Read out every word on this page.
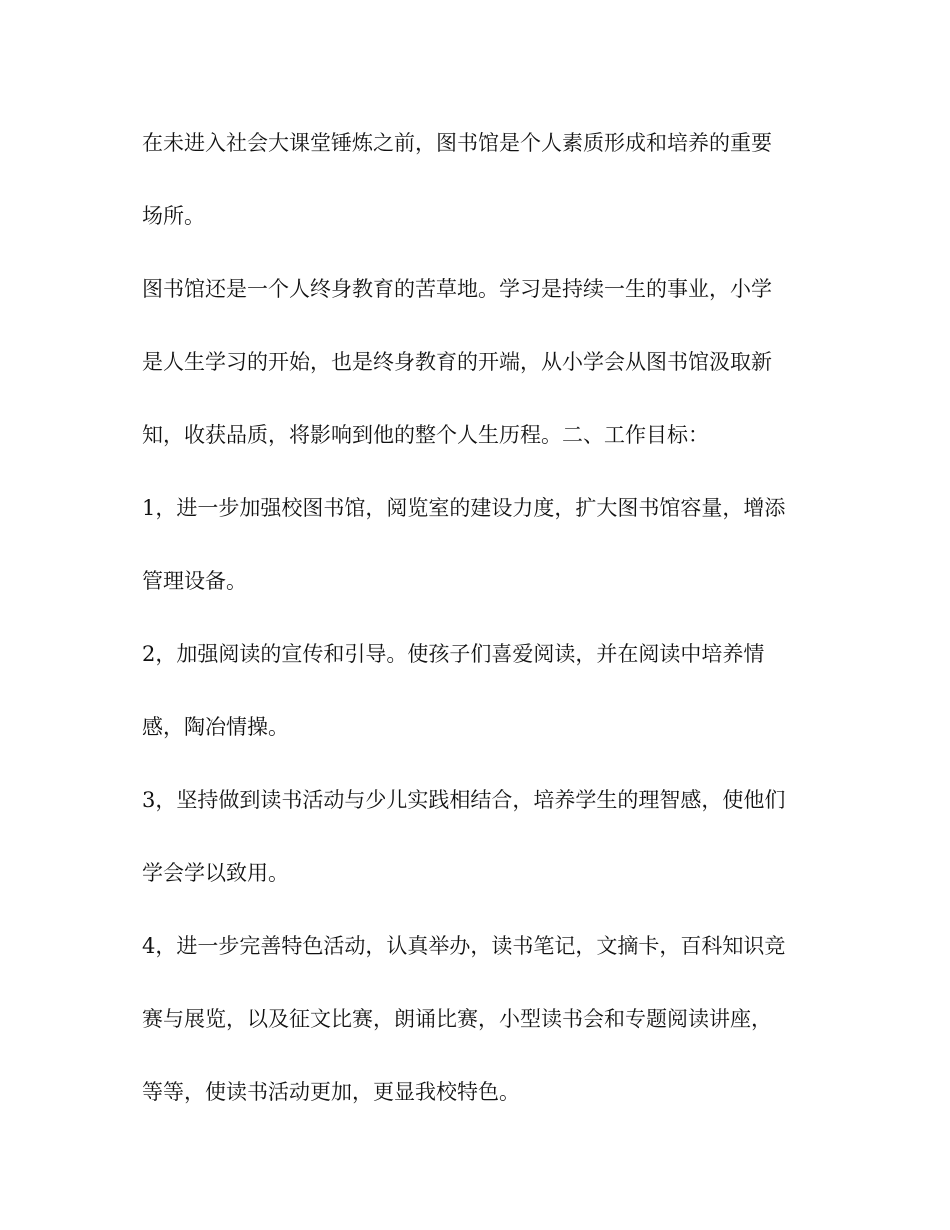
在未进入社会大课堂锤炼之前，图书馆是个人素质形成和培养的重要
场所。
图书馆还是一个人终身教育的苦草地。学习是持续一生的事业，小学
是人生学习的开始，也是终身教育的开端，从小学会从图书馆汲取新
知，收获品质，将影响到他的整个人生历程。二、工作目标：
1，进一步加强校图书馆，阅览室的建设力度，扩大图书馆容量，增添
管理设备。
2，加强阅读的宣传和引导。使孩子们喜爱阅读，并在阅读中培养情
感，陶冶情操。
3，坚持做到读书活动与少儿实践相结合，培养学生的理智感，使他们
学会学以致用。
4，进一步完善特色活动，认真举办，读书笔记，文摘卡，百科知识竞
赛与展览，以及征文比赛，朗诵比赛，小型读书会和专题阅读讲座，
等等，使读书活动更加，更显我校特色。
